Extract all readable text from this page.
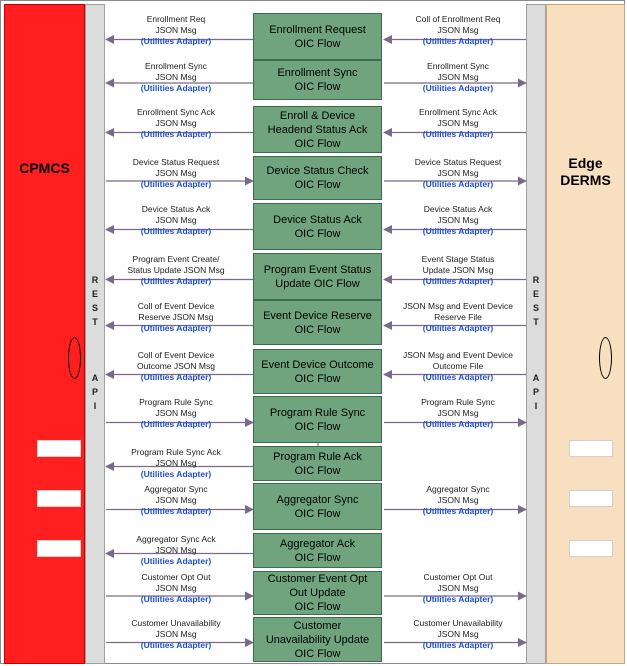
CPMCS
R
E
S
T

A
P
I
R
E
S
T

A
P
I
Edge
DERMS
Enrollment Request
OIC Flow
Enrollment Req
JSON Msg
(Utilities Adapter)
Coll of Enrollment Req
JSON Msg
(Utilities Adapter)
Enrollment Sync
OIC Flow
Enrollment Sync
JSON Msg
(Utilities Adapter)
Enrollment Sync
JSON Msg
(Utilities Adapter)
Enroll & Device
Headend Status Ack
OIC Flow
Enrollment Sync Ack
JSON Msg
(Utilities Adapter)
Enrollment Sync Ack
JSON Msg
(Utilities Adapter)
Device Status Check
OIC Flow
Device Status Request
JSON Msg
(Utilities Adapter)
Device Status Request
JSON Msg
(Utilities Adapter)
Device Status Ack
OIC Flow
Device Status Ack
JSON Msg
(Utilities Adapter)
Device Status Ack
JSON Msg
(Utilities Adapter)
Program Event Status
Update OIC Flow
Program Event Create/
Status Update JSON Msg
(Utilities Adapter)
Event Stage Status
Update JSON Msg
(Utilities Adapter)
Event Device Reserve
OIC Flow
Coll of Event Device
Reserve JSON Msg
(Utilities Adapter)
JSON Msg and Event Device
Reserve File
(Utilities Adapter)
Event Device Outcome
OIC Flow
Coll of Event Device
Outcome JSON Msg
(Utilities Adapter)
JSON Msg and Event Device
Outcome File
(Utilities Adapter)
Program Rule Sync
OIC Flow
Program Rule Sync
JSON Msg
(Utilities Adapter)
Program Rule Sync
JSON Msg
(Utilities Adapter)
Program Rule Ack
OIC Flow
Program Rule Sync Ack
JSON Msg
(Utilities Adapter)
Aggregator Sync
OIC Flow
Aggregator Sync
JSON Msg
(Utilities Adapter)
Aggregator Sync
JSON Msg
(Utilities Adapter)
Aggregator Ack
OIC Flow
Aggregator Sync Ack
JSON Msg
(Utilities Adapter)
Customer Event Opt
Out Update
OIC Flow
Customer Opt Out
JSON Msg
(Utilities Adapter)
Customer Opt Out
JSON Msg
(Utilities Adapter)
Customer
Unavailability Update
OIC Flow
Customer Unavailability
JSON Msg
(Utilities Adapter)
Customer Unavailability
JSON Msg
(Utilities Adapter)
